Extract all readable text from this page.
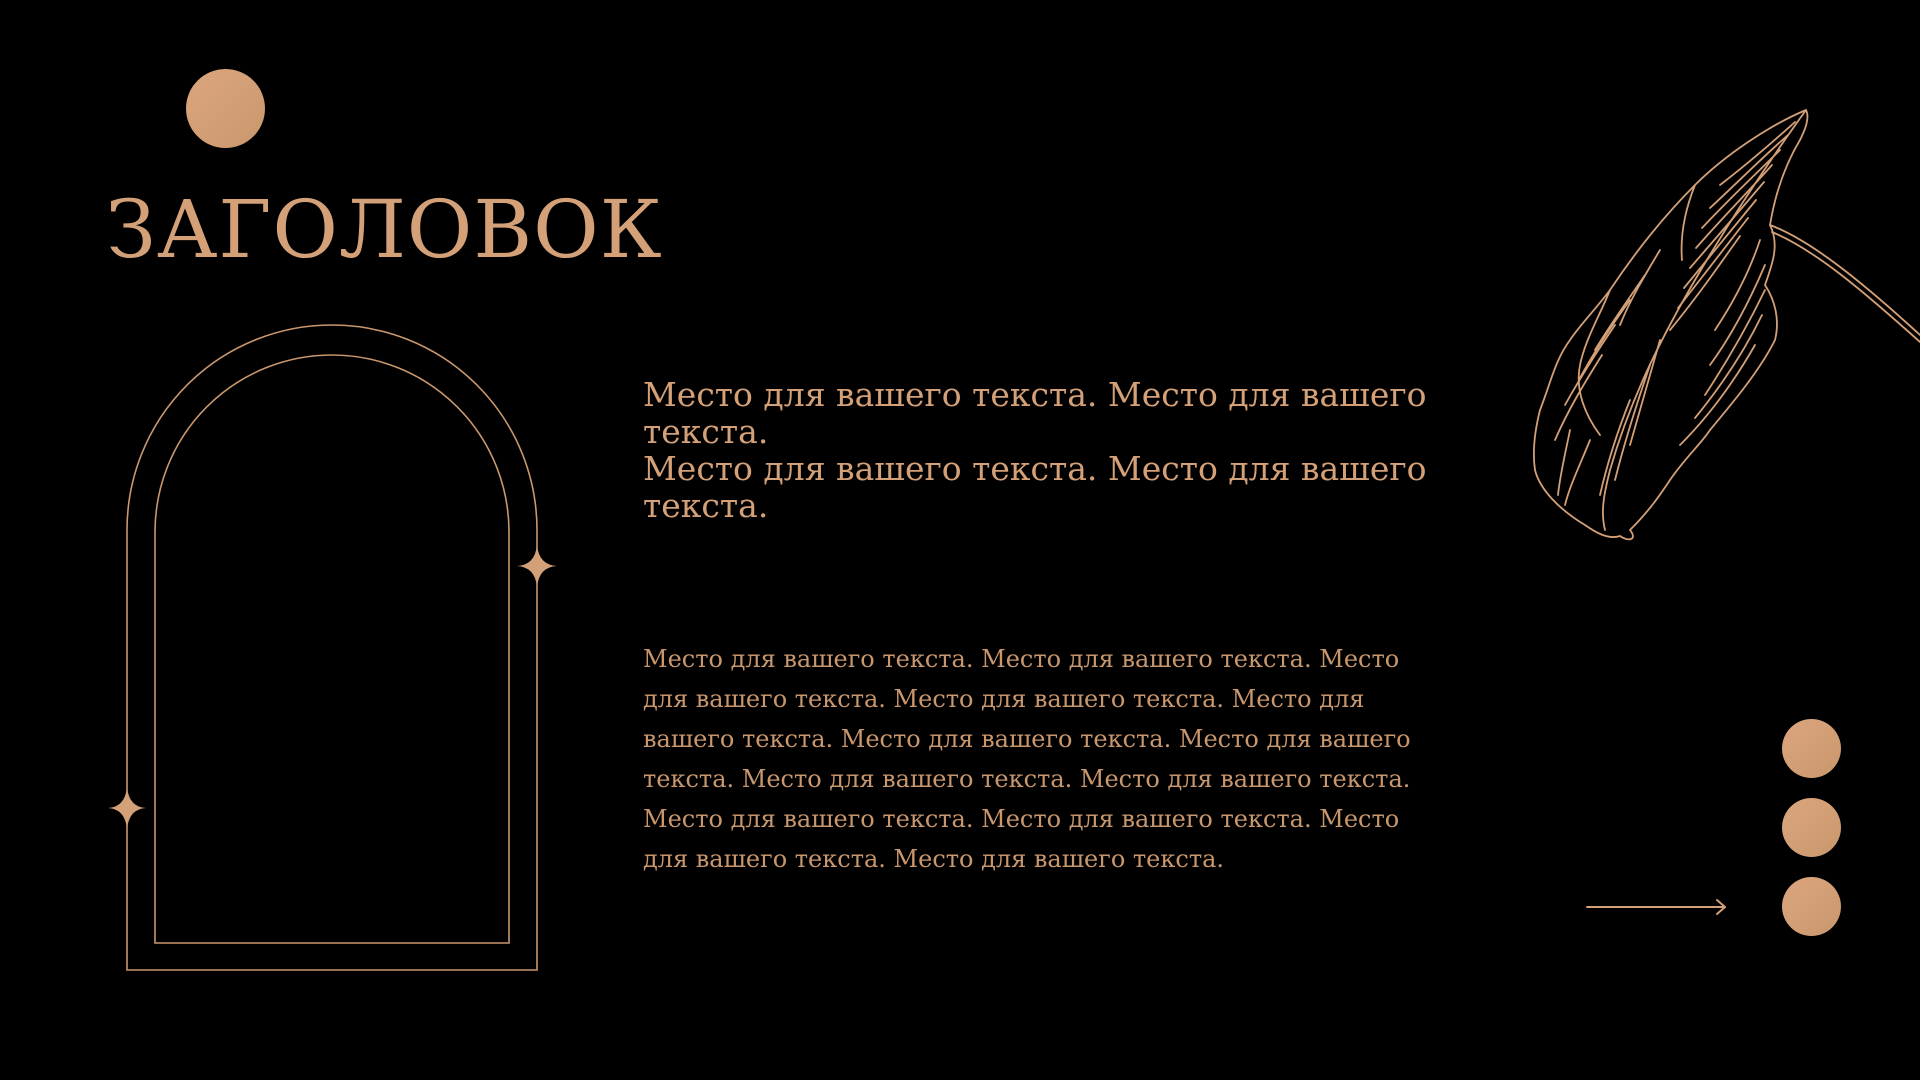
ЗАГОЛОВОК

Место для вашего текста. Место для вашего текста.

Место для вашего текста. Место для вашего текста.

Место для вашего текста. Место для вашего текста. Место для вашего текста. Место для вашего текста. Место для вашего текста. Место для вашего текста. Место для вашего текста. Место для вашего текста. Место для вашего текста. Место для вашего текста. Место для вашего текста. Место для вашего текста. Место для вашего текста.
